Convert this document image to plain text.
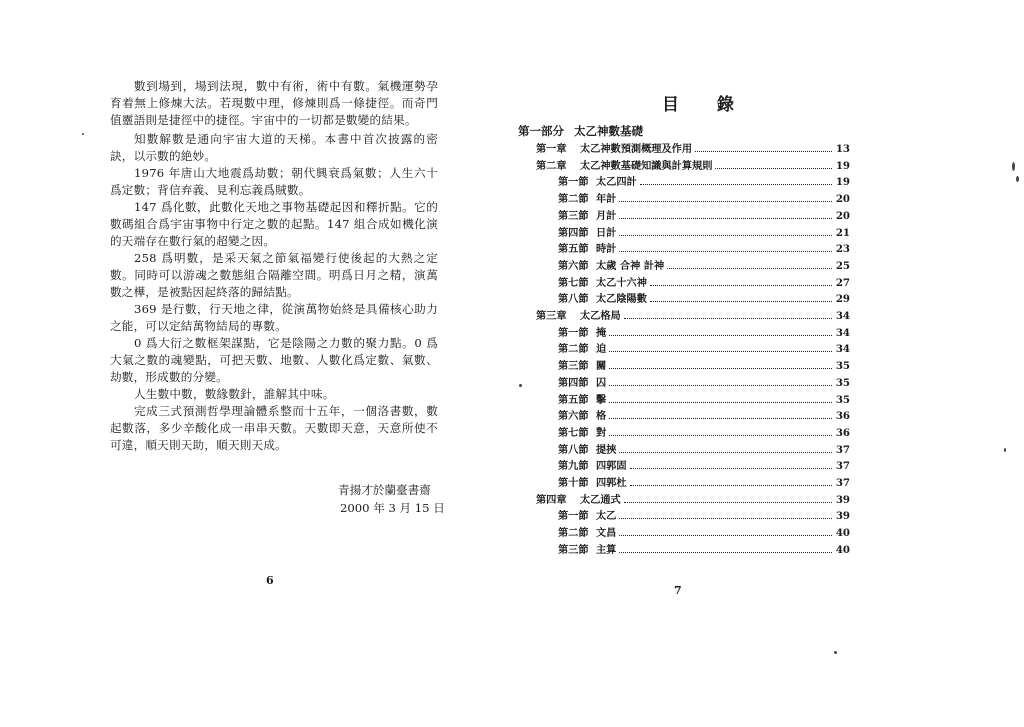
數到場到，場到法現，數中有術，術中有數。氣機運勢孕育着無上修煉大法。若現數中理，修煉則爲一條捷徑。而奇門值靈語則是捷徑中的捷徑。宇宙中的一切都是數變的結果。

知數解數是通向宇宙大道的天梯。本書中首次披露的密訣，以示數的絶妙。

1976 年唐山大地震爲劫數；朝代興衰爲氣數；人生六十爲定數；背信弃義、見利忘義爲賊數。

147 爲化數，此數化天地之事物基礎起因和釋折點。它的數碼組合爲宇宙事物中行定之數的起點。147 組合成如機化演的天端存在數行氣的超變之因。

258 爲明數，是采天氣之節氣福變行使後起的大熱之定數。同時可以游魂之數態組合隔離空間。明爲日月之精，演萬數之樺，是被點因起終落的歸結點。

369 是行數，行天地之律，從演萬物始終是具備核心助力之能，可以定結萬物結局的專數。

0 爲大衍之數框架謀點，它是陰陽之力數的聚力點。0 爲大氣之數的魂變點，可把天數、地數、人數化爲定數、氣數、劫數，形成數的分變。

人生數中數，數緣數針，誰解其中味。

完成三式預測哲學理論體系整而十五年，一個洛書數，數起數落，多少辛酸化成一串串天數。天數即天意，天意所使不可違，順天則天助，順天則天成。

青揚才於蘭臺書齋

2000 年 3 月 15 日

6

目 錄

第一部分 太乙神數基礎

第一章	太乙神數預測概理及作用	13
第二章	太乙神數基礎知識與計算規則	19
第一節 太乙四計	19
第二節 年計	20
第三節 月計	20
第四節 日計	21
第五節 時計	23
第六節 太歲 合神 計神	25
第七節 太乙十六神	27
第八節 太乙陰陽數	29
第三章	太乙格局	34
第一節 掩	34
第二節 迫	34
第三節 關	35
第四節 囚	35
第五節 擊	35
第六節 格	36
第七節 對	36
第八節 提挾	37
第九節 四郭固	37
第十節 四郭杜	37
第四章	太乙通式	39
第一節 太乙	39
第二節 文昌	40
第三節 主算	40

7
